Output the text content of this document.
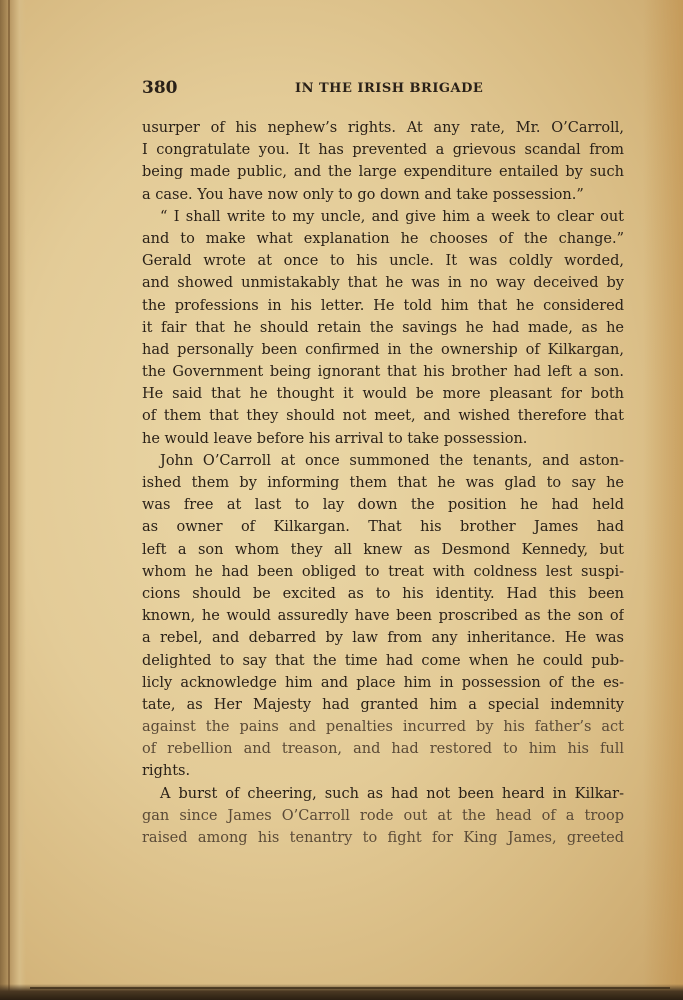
380	IN THE IRISH BRIGADE
usurper of his nephew’s rights. At any rate, Mr. O’Carroll,
I congratulate you. It has prevented a grievous scandal from
being made public, and the large expenditure entailed by such
a case. You have now only to go down and take possession.”
“ I shall write to my uncle, and give him a week to clear out
and to make what explanation he chooses of the change.”
Gerald wrote at once to his uncle. It was coldly worded,
and showed unmistakably that he was in no way deceived by
the professions in his letter. He told him that he considered
it fair that he should retain the savings he had made, as he
had personally been confirmed in the ownership of Kilkargan,
the Government being ignorant that his brother had left a son.
He said that he thought it would be more pleasant for both
of them that they should not meet, and wished therefore that
he would leave before his arrival to take possession.
John O’Carroll at once summoned the tenants, and aston-
ished them by informing them that he was glad to say he
was free at last to lay down the position he had held
as owner of Kilkargan. That his brother James had
left a son whom they all knew as Desmond Kennedy, but
whom he had been obliged to treat with coldness lest suspi-
cions should be excited as to his identity. Had this been
known, he would assuredly have been proscribed as the son of
a rebel, and debarred by law from any inheritance. He was
delighted to say that the time had come when he could pub-
licly acknowledge him and place him in possession of the es-
tate, as Her Majesty had granted him a special indemnity
against the pains and penalties incurred by his father’s act
of rebellion and treason, and had restored to him his full
rights.
A burst of cheering, such as had not been heard in Kilkar-
gan since James O’Carroll rode out at the head of a troop
raised among his tenantry to fight for King James, greeted
